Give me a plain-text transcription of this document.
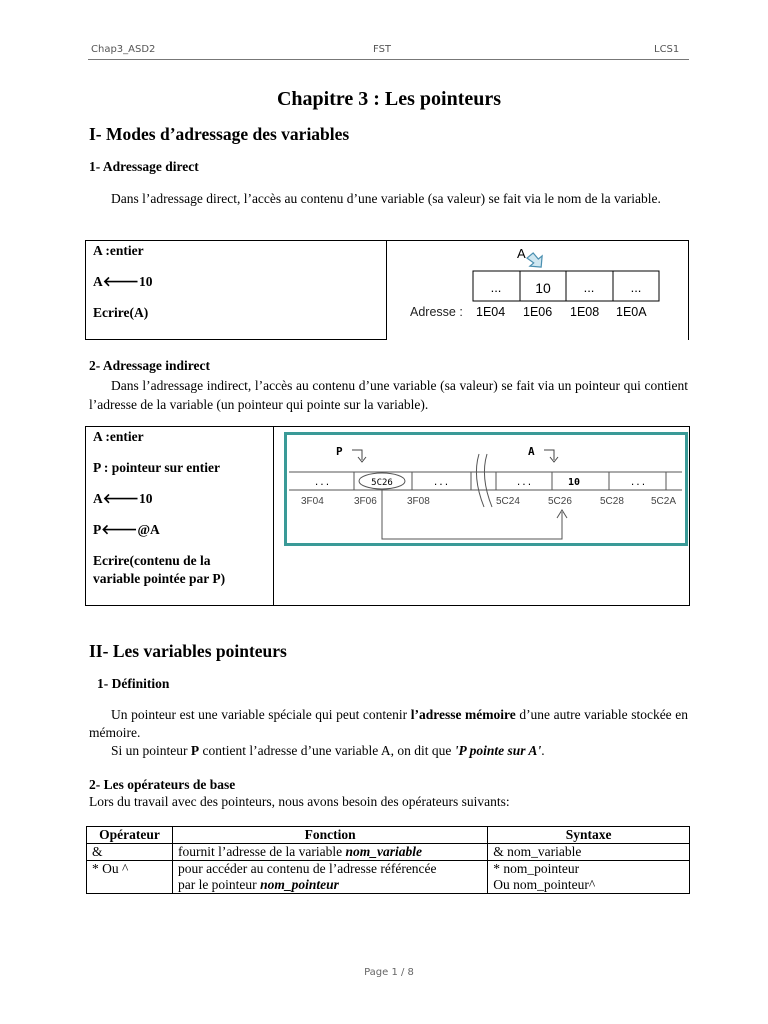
Chap3_ASD2	FST	LCS1
Chapitre 3 : Les pointeurs
I- Modes d’adressage des variables
1- Adressage direct
Dans l’adressage direct, l’accès au contenu d’une variable (sa valeur) se fait via le nom de la variable.
A :entier
A🡐10
Ecrire(A)
A
... 10	...	...
Adresse : 1E04 1E06 1E08 1E0A
2- Adressage indirect
Dans l’adressage indirect, l’accès au contenu d’une variable (sa valeur) se fait via un pointeur qui contient l’adresse de la variable (un pointeur qui pointe sur la variable).
A :entier
P : pointeur sur entier
A🡐10
P🡐@A
Ecrire(contenu de la
variable pointée par P)
P	A
...	5C26	...	...	10	...
3F04	3F06	3F08	5C24	5C26	5C28	5C2A
II- Les variables pointeurs
1- Définition
Un pointeur est une variable spéciale qui peut contenir l’adresse mémoire d’une autre variable stockée en mémoire.
Si un pointeur P contient l’adresse d’une variable A, on dit que 'P pointe sur A'.
2- Les opérateurs de base
Lors du travail avec des pointeurs, nous avons besoin des opérateurs suivants:
Opérateur	Fonction	Syntaxe
&	fournit l’adresse de la variable nom_variable	& nom_variable
* Ou ^	pour accéder au contenu de l’adresse référencée
par le pointeur nom_pointeur	* nom_pointeur
Ou nom_pointeur^
Page 1 / 8
